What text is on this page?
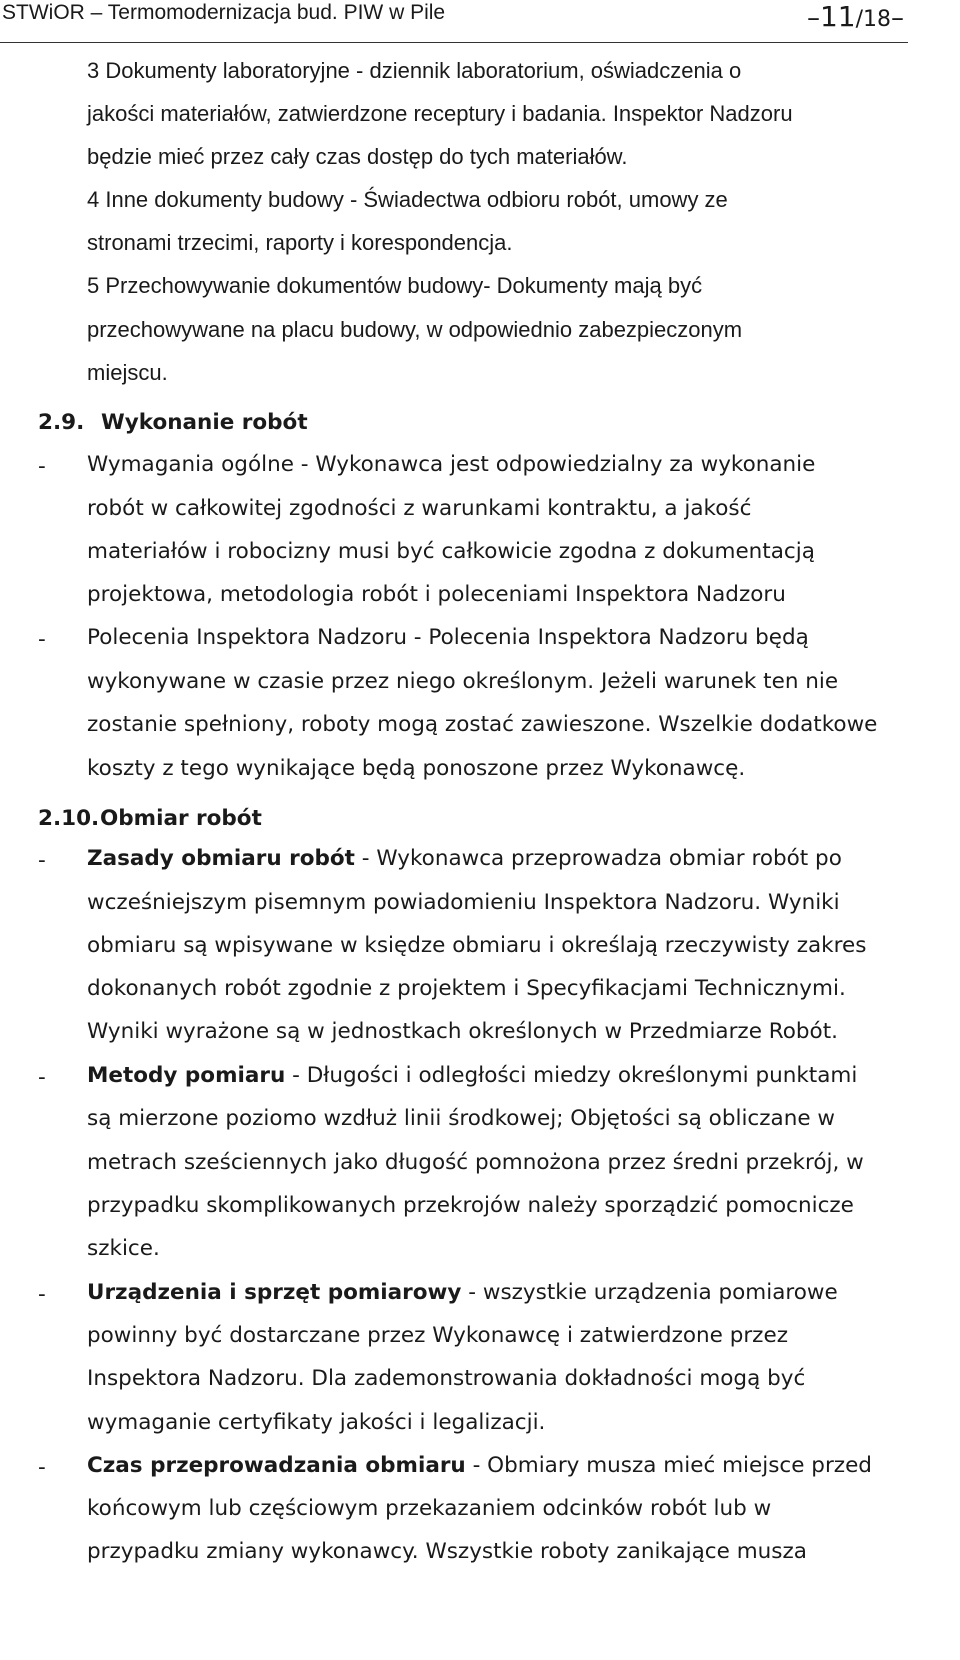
STWiOR – Termomodernizacja bud. PIW w Pile	–11/18–
3 Dokumenty laboratoryjne - dziennik laboratorium, oświadczenia o
jakości materiałów, zatwierdzone receptury i badania. Inspektor Nadzoru
będzie mieć przez cały czas dostęp do tych materiałów.
4 Inne dokumenty budowy - Świadectwa odbioru robót, umowy ze
stronami trzecimi, raporty i korespondencja.
5 Przechowywanie dokumentów budowy- Dokumenty mają być
przechowywane na placu budowy, w odpowiednio zabezpieczonym
miejscu.
2.9. Wykonanie robót
- Wymagania ogólne - Wykonawca jest odpowiedzialny za wykonanie
robót w całkowitej zgodności z warunkami kontraktu, a jakość
materiałów i robocizny musi być całkowicie zgodna z dokumentacją
projektowa, metodologia robót i poleceniami Inspektora Nadzoru
- Polecenia Inspektora Nadzoru - Polecenia Inspektora Nadzoru będą
wykonywane w czasie przez niego określonym. Jeżeli warunek ten nie
zostanie spełniony, roboty mogą zostać zawieszone. Wszelkie dodatkowe
koszty z tego wynikające będą ponoszone przez Wykonawcę.
2.10.Obmiar robót
- Zasady obmiaru robót - Wykonawca przeprowadza obmiar robót po
wcześniejszym pisemnym powiadomieniu Inspektora Nadzoru. Wyniki
obmiaru są wpisywane w księdze obmiaru i określają rzeczywisty zakres
dokonanych robót zgodnie z projektem i Specyfikacjami Technicznymi.
Wyniki wyrażone są w jednostkach określonych w Przedmiarze Robót.
- Metody pomiaru - Długości i odległości miedzy określonymi punktami
są mierzone poziomo wzdłuż linii środkowej; Objętości są obliczane w
metrach sześciennych jako długość pomnożona przez średni przekrój, w
przypadku skomplikowanych przekrojów należy sporządzić pomocnicze
szkice.
- Urządzenia i sprzęt pomiarowy - wszystkie urządzenia pomiarowe
powinny być dostarczane przez Wykonawcę i zatwierdzone przez
Inspektora Nadzoru. Dla zademonstrowania dokładności mogą być
wymaganie certyfikaty jakości i legalizacji.
- Czas przeprowadzania obmiaru - Obmiary musza mieć miejsce przed
końcowym lub częściowym przekazaniem odcinków robót lub w
przypadku zmiany wykonawcy. Wszystkie roboty zanikające musza
